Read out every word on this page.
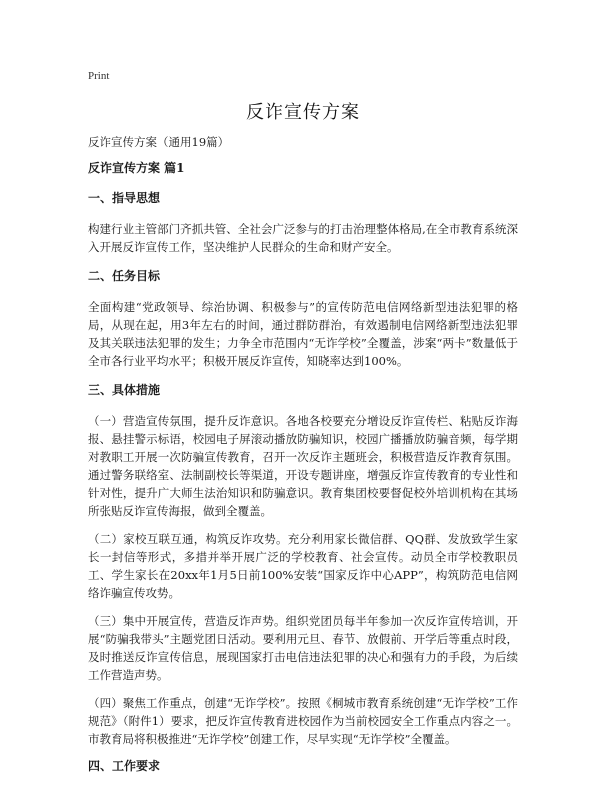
Print
反诈宣传方案
反诈宣传方案（通用19篇）
反诈宣传方案 篇1
一、指导思想
构建行业主管部门齐抓共管、全社会广泛参与的打击治理整体格局,在全市教育系统深入开展反诈宣传工作，坚决维护人民群众的生命和财产安全。
二、任务目标
全面构建“党政领导、综治协调、积极参与”的宣传防范电信网络新型违法犯罪的格局，从现在起，用3年左右的时间，通过群防群治，有效遏制电信网络新型违法犯罪及其关联违法犯罪的发生；力争全市范围内“无诈学校”全覆盖，涉案“两卡”数量低于全市各行业平均水平；积极开展反诈宣传，知晓率达到100%。
三、具体措施
（一）营造宣传氛围，提升反诈意识。各地各校要充分增设反诈宣传栏、粘贴反诈海报、悬挂警示标语，校园电子屏滚动播放防骗知识，校园广播播放防骗音频，每学期对教职工开展一次防骗宣传教育，召开一次反诈主题班会，积极营造反诈教育氛围。通过警务联络室、法制副校长等渠道，开设专题讲座，增强反诈宣传教育的专业性和针对性，提升广大师生法治知识和防骗意识。教育集团校要督促校外培训机构在其场所张贴反诈宣传海报，做到全覆盖。
（二）家校互联互通，构筑反诈攻势。充分利用家长微信群、QQ群、发放致学生家长一封信等形式，多措并举开展广泛的学校教育、社会宣传。动员全市学校教职员工、学生家长在20xx年1月5日前100%安装“国家反诈中心APP”，构筑防范电信网络诈骗宣传攻势。
（三）集中开展宣传，营造反诈声势。组织党团员每半年参加一次反诈宣传培训，开展“防骗我带头”主题党团日活动。要利用元旦、春节、放假前、开学后等重点时段，及时推送反诈宣传信息，展现国家打击电信违法犯罪的决心和强有力的手段，为后续工作营造声势。
（四）聚焦工作重点，创建“无诈学校”。按照《桐城市教育系统创建“无诈学校”工作规范》（附件1）要求，把反诈宣传教育进校园作为当前校园安全工作重点内容之一。市教育局将积极推进“无诈学校”创建工作，尽早实现“无诈学校”全覆盖。
四、工作要求
